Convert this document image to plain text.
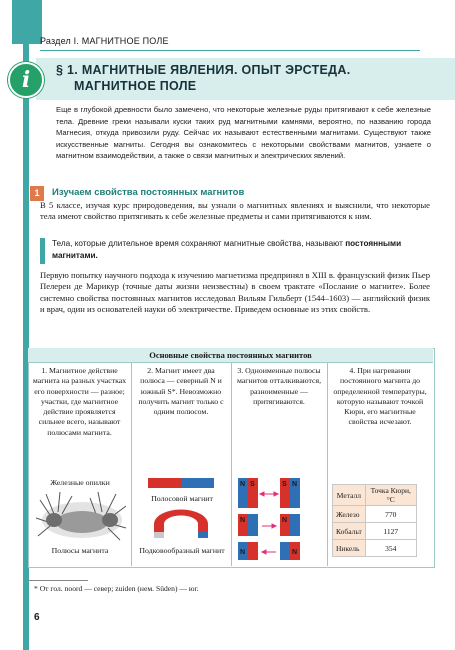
Раздел I. МАГНИТНОЕ ПОЛЕ
i	§ 1. МАГНИТНЫЕ ЯВЛЕНИЯ. ОПЫТ ЭРСТЕДА.
МАГНИТНОЕ ПОЛЕ
Еще в глубокой древности было замечено, что некоторые железные руды притягивают к себе железные тела. Древние греки называли куски таких руд магнитными камнями, вероятно, по названию города Магнесия, откуда привозили руду. Сейчас их называют естественными магнитами. Существуют также искусственные магниты. Сегодня вы ознакомитесь с некоторыми свойствами магнитов, узнаете о магнитном взаимодействии, а также о связи магнитных и электрических явлений.
1	Изучаем свойства постоянных магнитов
В 5 классе, изучая курс природоведения, вы узнали о магнитных явлениях и выяснили, что некоторые тела имеют свойство притягивать к себе железные предметы и сами притягиваются к ним.
Тела, которые длительное время сохраняют магнитные свойства, называют постоянными магнитами.
Первую попытку научного подхода к изучению магнетизма предпринял в XIII в. французский физик Пьер Пелерен де Марикур (точные даты жизни неизвестны) в своем трактате «Послание о магните». Более системно свойства постоянных магнитов исследовал Вильям Гильберт (1544–1603) — английский физик и врач, один из основателей науки об электричестве. Приведем основные из этих свойств.
Основные свойства постоянных магнитов
1. Магнитное действие магнита на разных участках его поверхности — разное; участки, где магнитное действие проявляется сильнее всего, называют полюсами магнита.
2. Магнит имеет два полюса — северный N и южный S*. Невозможно получить магнит только с одним полюсом.
3. Одноименные полюсы магнитов отталкиваются, разноименные — притягиваются.
4. При нагревании постоянного магнита до определенной температуры, которую называют точкой Кюри, его магнитные свойства исчезают.
Железные опилки
Полюсы магнита
Полосовой магнит
Подковообразный магнит
N S	S N
N	N
N	N
Металл	Точка Кюри, °С
Железо	770
Кобальт	1127
Никель	354
* От гол. noord — север; zuiden (нем. Süden) — юг.
6
